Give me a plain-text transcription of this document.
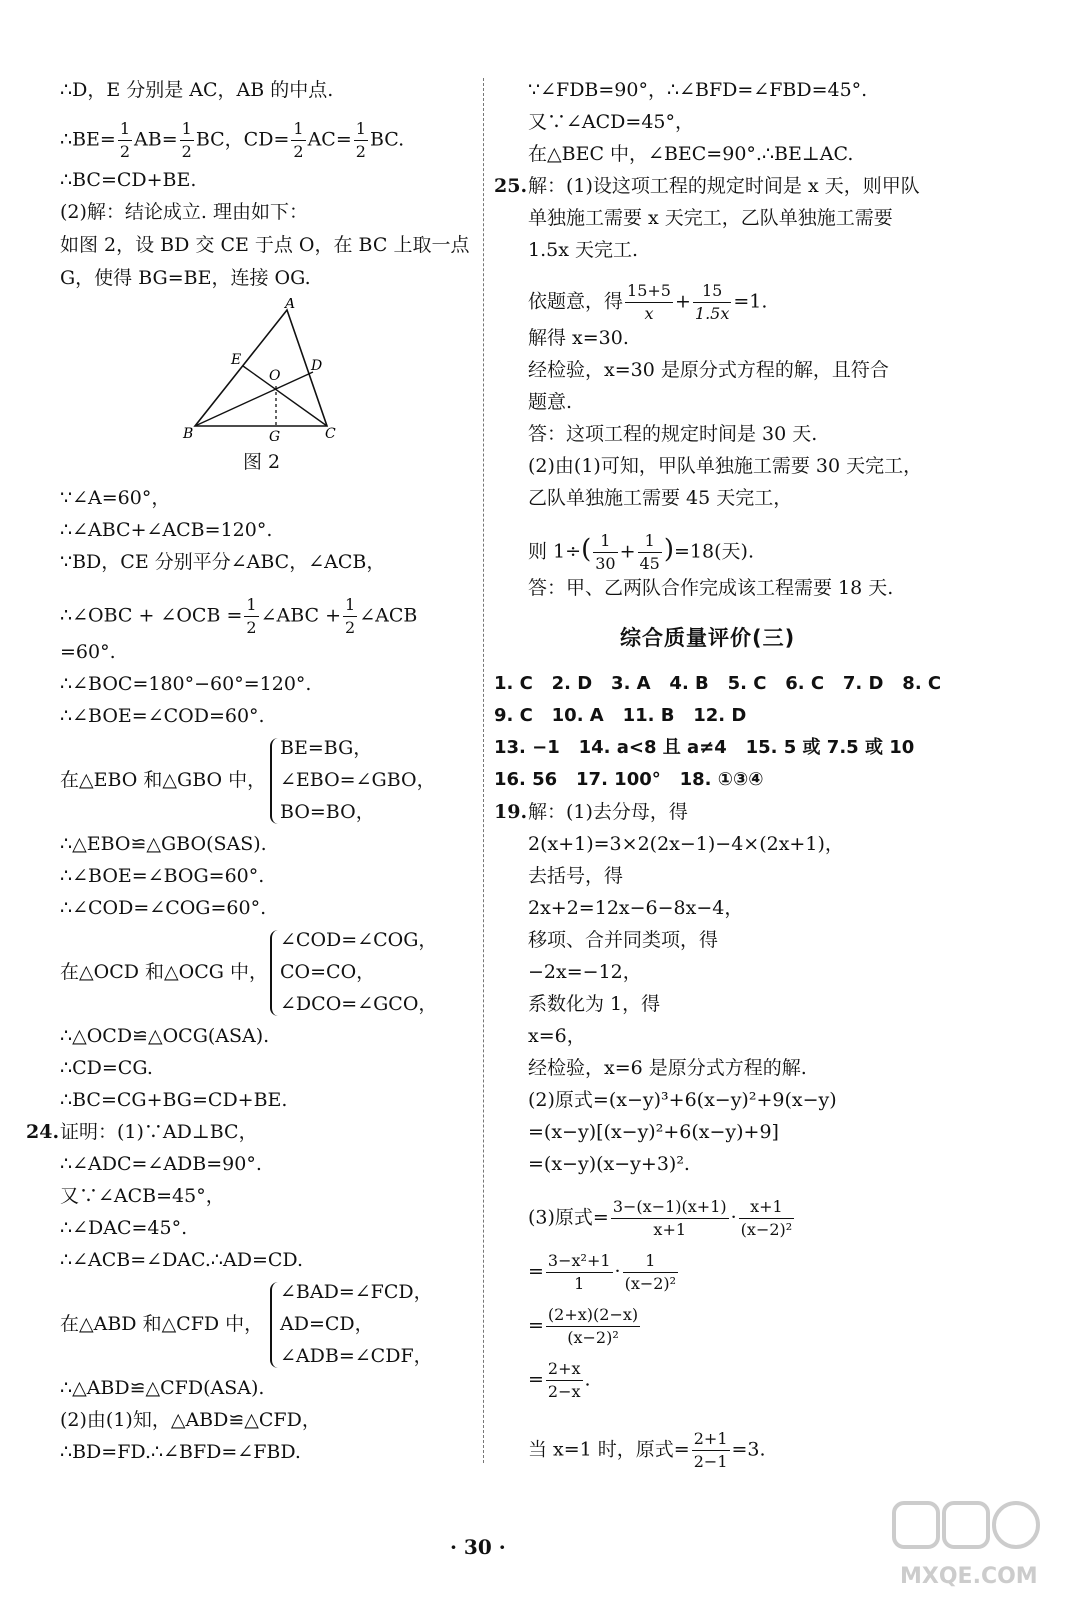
∴D，E 分别是 AC，AB 的中点.
∴BE= $\frac{1}{2} AB= \frac{1}{2}$ BC，$CD= \frac{1}{2} AC= \frac{1}{2}$ BC.
∴BC=CD+BE.
(2)解：结论成立. 理由如下：
如图 2，设 BD 交 CE 于点 O，在 BC 上取一点
G，使得 BG=BE，连接 OG.
A
B	C
D
E
O
G
图 2
∵∠A=60°，
∴∠ABC+∠ACB=120°.
∵BD，CE 分别平分∠ABC，∠ACB，
∴∠OBC + ∠OCB = $\frac{1}{2}$ ∠ABC + $\frac{1}{2}$ ∠ACB
=60°.
∴∠BOC=180°−60°=120°.
∴∠BOE=∠COD=60°.
在△EBO 和△GBO 中，
BE=BG，
∠EBO=∠GBO，
BO=BO，
∴△EBO≌△GBO(SAS).
∴∠BOE=∠BOG=60°.
∴∠COD=∠COG=60°.
在△OCD 和△OCG 中，
∠COD=∠COG，
CO=CO，
∠DCO=∠GCO，
∴△OCD≌△OCG(ASA).
∴CD=CG.
∴BC=CG+BG=CD+BE.
24. 证明：(1)∵AD⊥BC，
∴∠ADC=∠ADB=90°.
又∵∠ACB=45°，
∴∠DAC=45°.
∴∠ACB=∠DAC.∴AD=CD.
在△ABD 和△CFD 中，
∠BAD=∠FCD，
AD=CD，
∠ADB=∠CDF，
∴△ABD≌△CFD(ASA).
(2)由(1)知，△ABD≌△CFD，
∴BD=FD.∴∠BFD=∠FBD.
∵∠FDB=90°，∴∠BFD=∠FBD=45°.
又∵∠ACD=45°，
在△BEC 中，∠BEC=90°.∴BE⊥AC.
25. 解：(1)设这项工程的规定时间是 x 天，则甲队
单独施工需要 x 天完工，乙队单独施工需要
1.5x 天完工.
依题意，得 $\frac{15+5}{x} + \frac{15}{1.5x} =1$.
解得 x=30.
经检验，x=30 是原分式方程的解，且符合
题意.
答：这项工程的规定时间是 30 天.
(2)由(1)可知，甲队单独施工需要 30 天完工，
乙队单独施工需要 45 天完工，
则 $1\div( \frac{1}{30} + \frac{1}{45} )=18$(天).
答：甲、乙两队合作完成该工程需要 18 天.
综合质量评价(三)
1. C 2. D 3. A 4. B 5. C 6. C 7. D 8. C
9. C 10. A 11. B 12. D
13. −1 14. a<8 且 a≠4 15. 5 或 7.5 或 10
16. 56 17. 100° 18. ①③④
19. 解：(1)去分母，得
2(x+1)=3×2(2x−1)−4×(2x+1)，
去括号，得
2x+2=12x−6−8x−4，
移项、合并同类项，得
−2x=−12，
系数化为 1，得
x=6，
经检验，x=6 是原分式方程的解.
(2)原式=(x−y)³+6(x−y)²+9(x−y)
=(x−y)[(x−y)²+6(x−y)+9]
=(x−y)(x−y+3)².
(3)原式= $\frac{3-(x-1)(x+1)}{x+1} \cdot \frac{x+1}{\text{(x−2)²}}$
= $\frac{\text{3−x²+1}}{1} \cdot \frac{1}{\text{(x−2)²}}$
= $\frac{(2+x)(2-x)}{\text{(x−2)²}}$
= $\frac{2+x}{2-x}$ .
当 x=1 时，原式= $\frac{2+1}{2-1} =3$.
· 30 ·
MXQE.COM
